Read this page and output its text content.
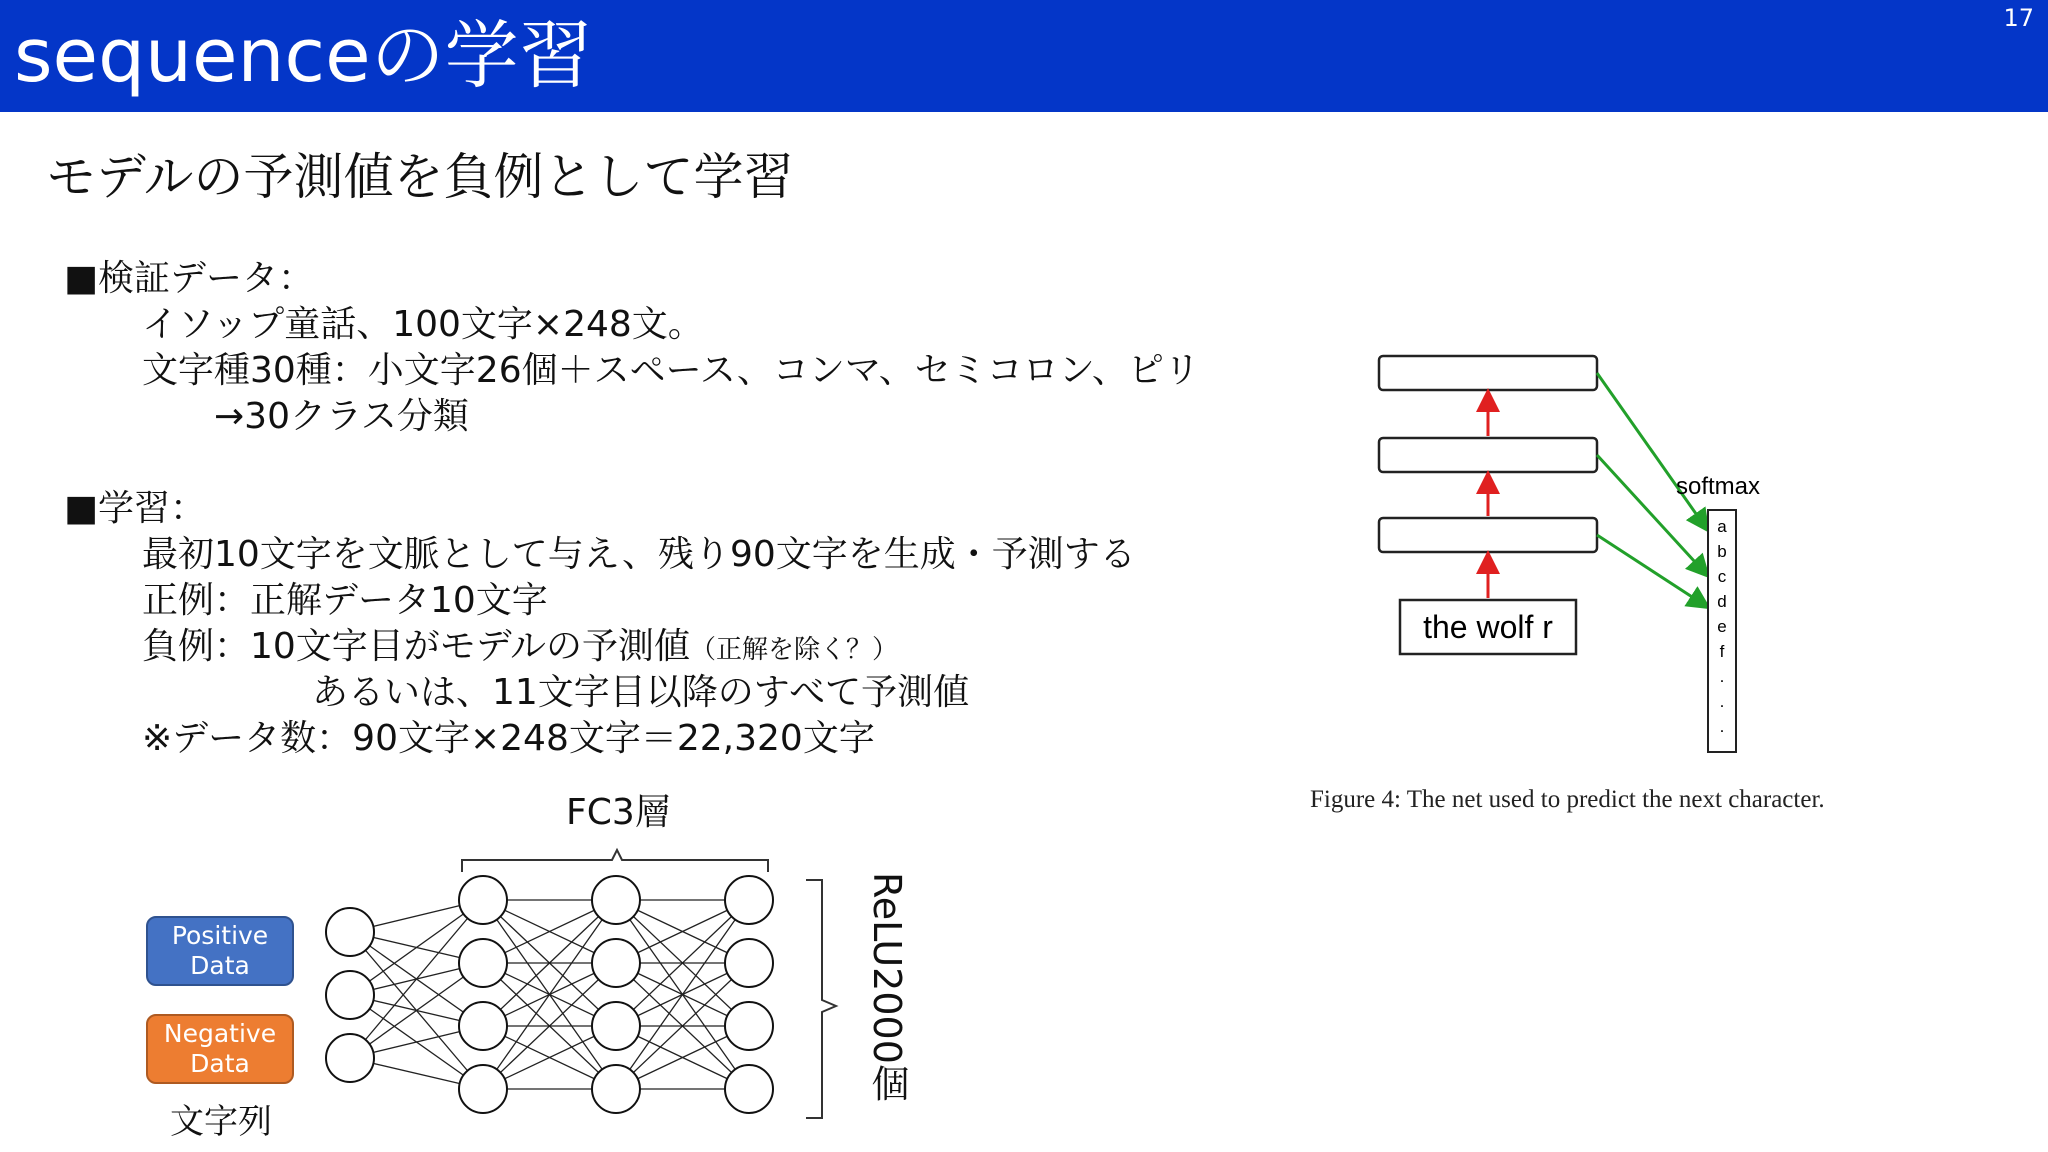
sequenceの学習	17
モデルの予測値を負例として学習
■検証データ：
イソップ童話、100文字×248文。
文字種30種：小文字26個＋スペース、コンマ、セミコロン、ピリ
→30クラス分類
■学習：
最初10文字を文脈として与え、残り90文字を生成・予測する
正例：正解データ10文字
負例：10文字目がモデルの予測値（正解を除く？）
あるいは、11文字目以降のすべて予測値
※データ数：90文字×248文字＝22,320文字
FC3層
ReLU2000個
Positive
Data
Negative
Data
文字列
the wolf r
softmax
a
b
c
d
e
f
.
.
.
Figure 4: The net used to predict the next character.
